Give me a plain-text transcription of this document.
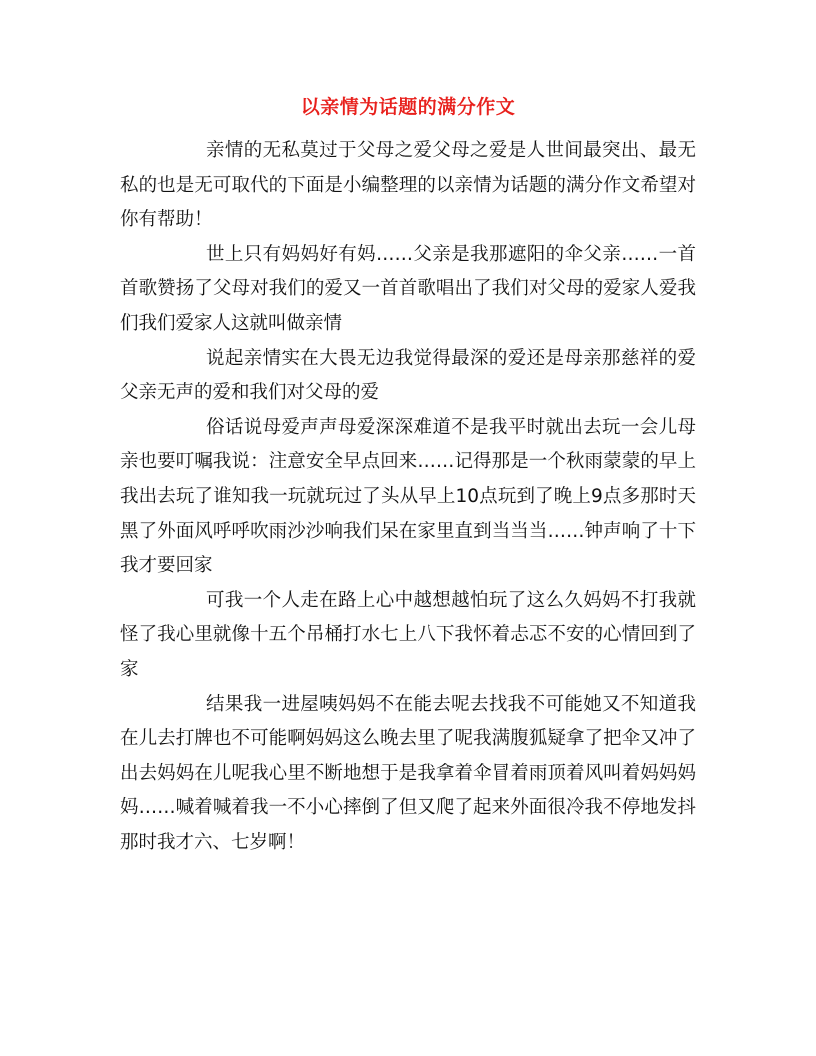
以亲情为话题的满分作文

亲情的无私莫过于父母之爱父母之爱是人世间最突出、最无私的也是无可取代的下面是小编整理的以亲情为话题的满分作文希望对你有帮助！

世上只有妈妈好有妈……父亲是我那遮阳的伞父亲……一首首歌赞扬了父母对我们的爱又一首首歌唱出了我们对父母的爱家人爱我们我们爱家人这就叫做亲情

说起亲情实在大畏无边我觉得最深的爱还是母亲那慈祥的爱父亲无声的爱和我们对父母的爱

俗话说母爱声声母爱深深难道不是我平时就出去玩一会儿母亲也要叮嘱我说：注意安全早点回来……记得那是一个秋雨蒙蒙的早上我出去玩了谁知我一玩就玩过了头从早上10点玩到了晚上9点多那时天黑了外面风呼呼吹雨沙沙响我们呆在家里直到当当当……钟声响了十下我才要回家

可我一个人走在路上心中越想越怕玩了这么久妈妈不打我就怪了我心里就像十五个吊桶打水七上八下我怀着忐忑不安的心情回到了家

结果我一进屋咦妈妈不在能去呢去找我不可能她又不知道我在儿去打牌也不可能啊妈妈这么晚去里了呢我满腹狐疑拿了把伞又冲了出去妈妈在儿呢我心里不断地想于是我拿着伞冒着雨顶着风叫着妈妈妈妈……喊着喊着我一不小心摔倒了但又爬了起来外面很冷我不停地发抖那时我才六、七岁啊！
